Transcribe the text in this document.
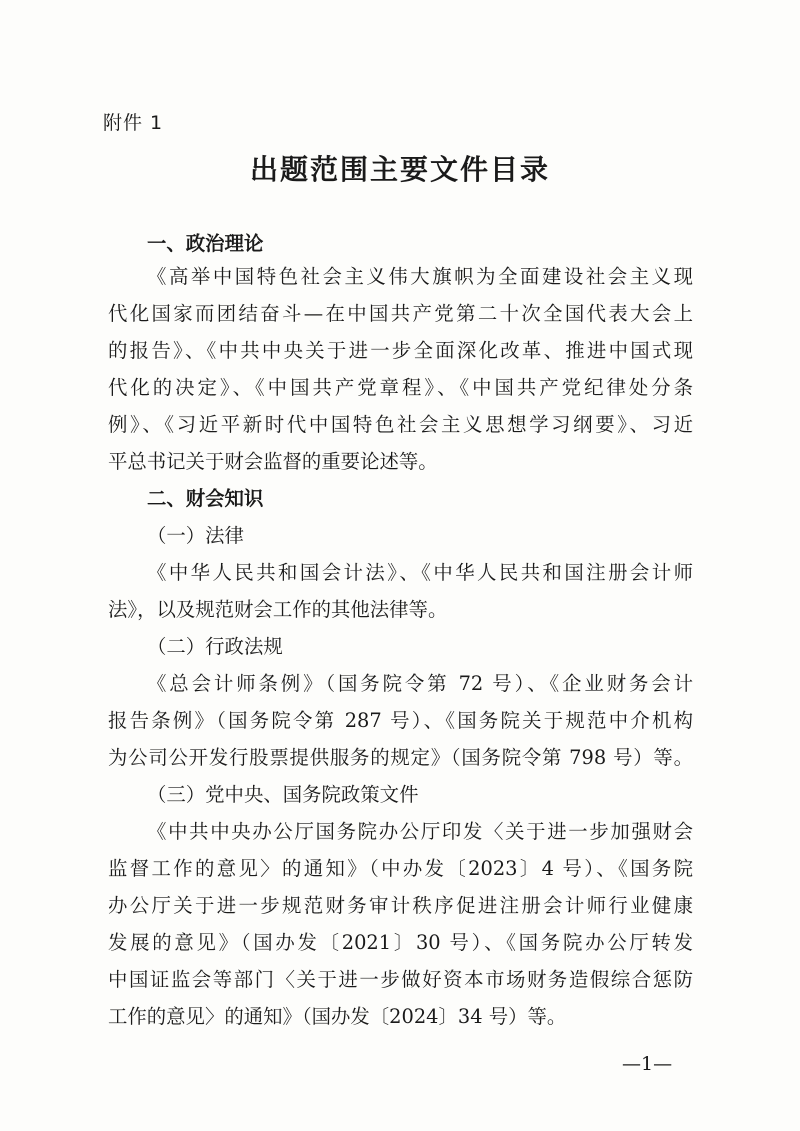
附件 1
出题范围主要文件目录
一、政治理论
《高举中国特色社会主义伟大旗帜为全面建设社会主义现
代化国家而团结奋斗—在中国共产党第二十次全国代表大会上
的报告》、《中共中央关于进一步全面深化改革、推进中国式现
代化的决定》、《中国共产党章程》、《中国共产党纪律处分条
例》、《习近平新时代中国特色社会主义思想学习纲要》、习近
平总书记关于财会监督的重要论述等。
二、财会知识
（一）法律
《中华人民共和国会计法》、《中华人民共和国注册会计师
法》，以及规范财会工作的其他法律等。
（二）行政法规
《总会计师条例》（国务院令第 72 号）、《企业财务会计
报告条例》（国务院令第 287 号）、《国务院关于规范中介机构
为公司公开发行股票提供服务的规定》（国务院令第 798 号）等。
（三）党中央、国务院政策文件
《中共中央办公厅国务院办公厅印发〈关于进一步加强财会
监督工作的意见〉的通知》（中办发〔2023〕4 号）、《国务院
办公厅关于进一步规范财务审计秩序促进注册会计师行业健康
发展的意见》（国办发〔2021〕30 号）、《国务院办公厅转发
中国证监会等部门〈关于进一步做好资本市场财务造假综合惩防
工作的意见〉的通知》（国办发〔2024〕34 号）等。
—1—
